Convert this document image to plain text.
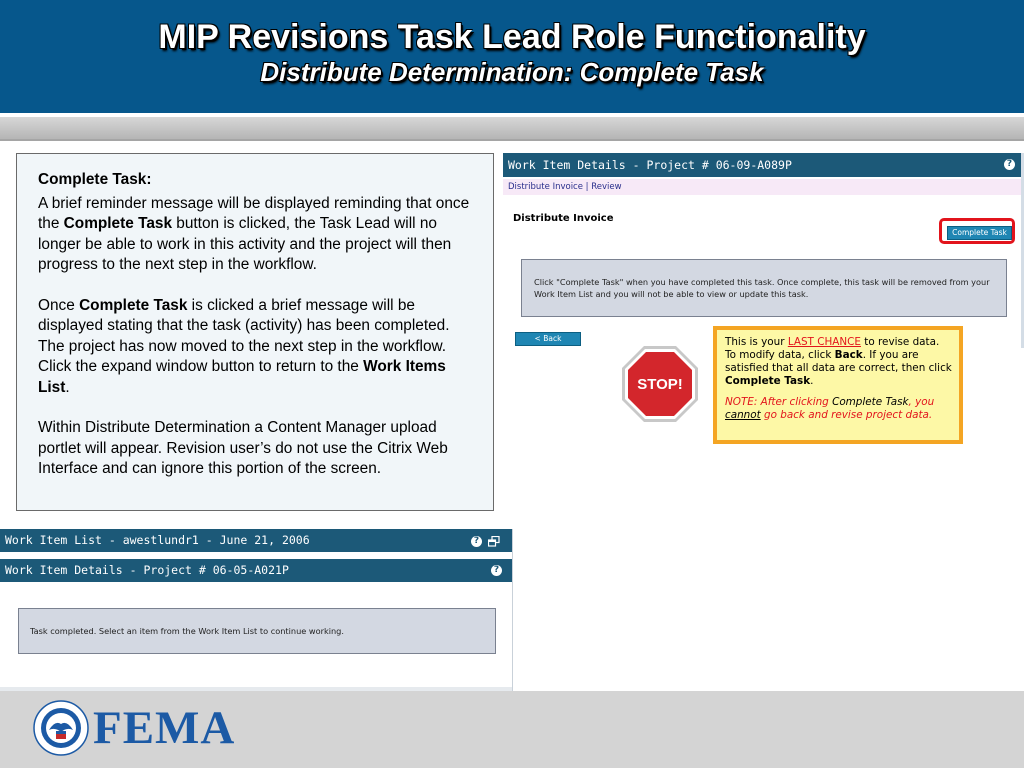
MIP Revisions Task Lead Role Functionality
Distribute Determination: Complete Task
Complete Task:

A brief reminder message will be displayed reminding that once the Complete Task button is clicked, the Task Lead will no longer be able to work in this activity and the project will then progress to the next step in the workflow.

Once Complete Task is clicked a brief message will be displayed stating that the task (activity) has been completed. The project has now moved to the next step in the workflow. Click the expand window button to return to the Work Items List.

Within Distribute Determination a Content Manager upload portlet will appear. Revision user’s do not use the Citrix Web Interface and can ignore this portion of the screen.

Work Item Details - Project # 06-09-A089P	?
Distribute Invoice | Review
Distribute Invoice
Complete Task
Click "Complete Task" when you have completed this task. Once complete, this task will be removed from your Work Item List and you will not be able to view or update this task.
< Back
STOP!
This is your LAST CHANCE to revise data. To modify data, click Back. If you are satisfied that all data are correct, then click Complete Task.
NOTE: After clicking Complete Task, you cannot go back and revise project data.
Work Item List - awestlundr1 - June 21, 2006	?
Work Item Details - Project # 06-05-A021P	?
Task completed. Select an item from the Work Item List to continue working.
FEMA
